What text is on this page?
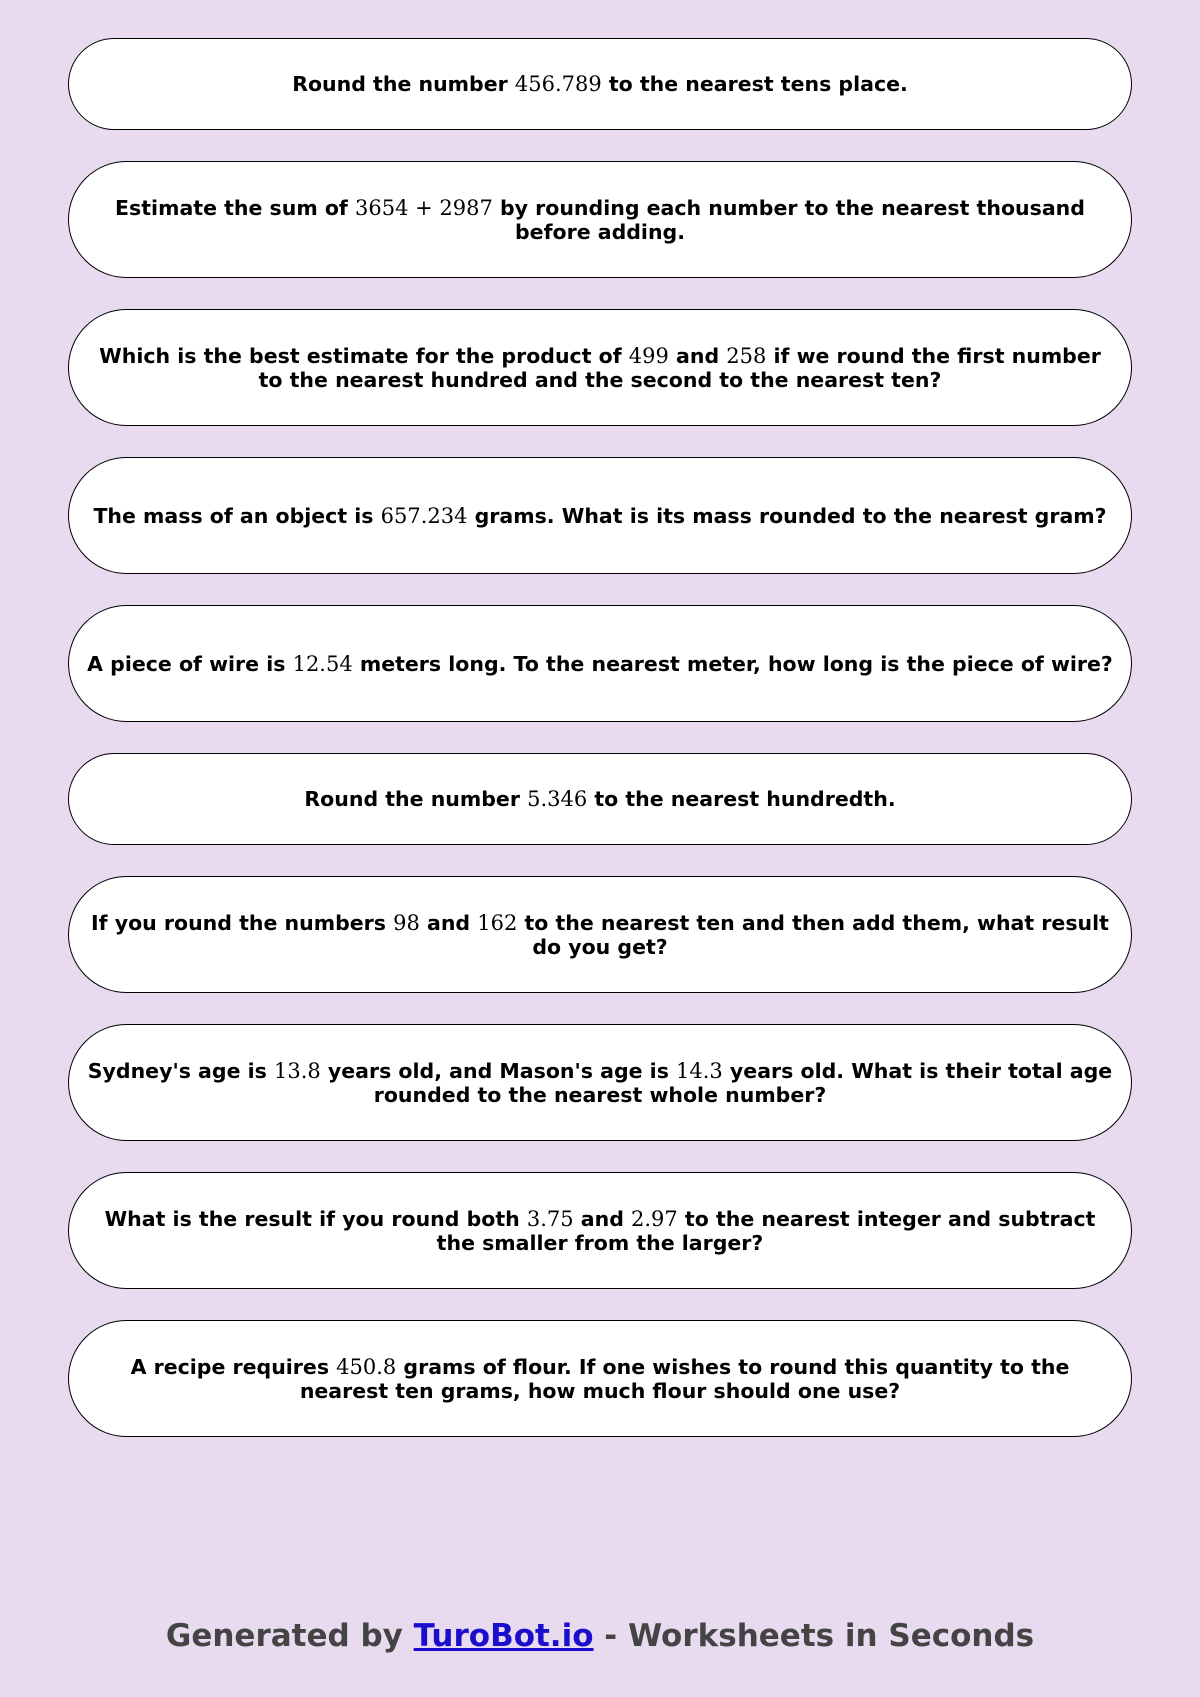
Round the number 456.789 to the nearest tens place.
Estimate the sum of 3654 + 2987 by rounding each number to the nearest thousand before adding.
Which is the best estimate for the product of 499 and 258 if we round the first number to the nearest hundred and the second to the nearest ten?
The mass of an object is 657.234 grams. What is its mass rounded to the nearest gram?
A piece of wire is 12.54 meters long. To the nearest meter, how long is the piece of wire?
Round the number 5.346 to the nearest hundredth.
If you round the numbers 98 and 162 to the nearest ten and then add them, what result do you get?
Sydney's age is 13.8 years old, and Mason's age is 14.3 years old. What is their total age rounded to the nearest whole number?
What is the result if you round both 3.75 and 2.97 to the nearest integer and subtract the smaller from the larger?
A recipe requires 450.8 grams of flour. If one wishes to round this quantity to the nearest ten grams, how much flour should one use?
Generated by TuroBot.io - Worksheets in Seconds
